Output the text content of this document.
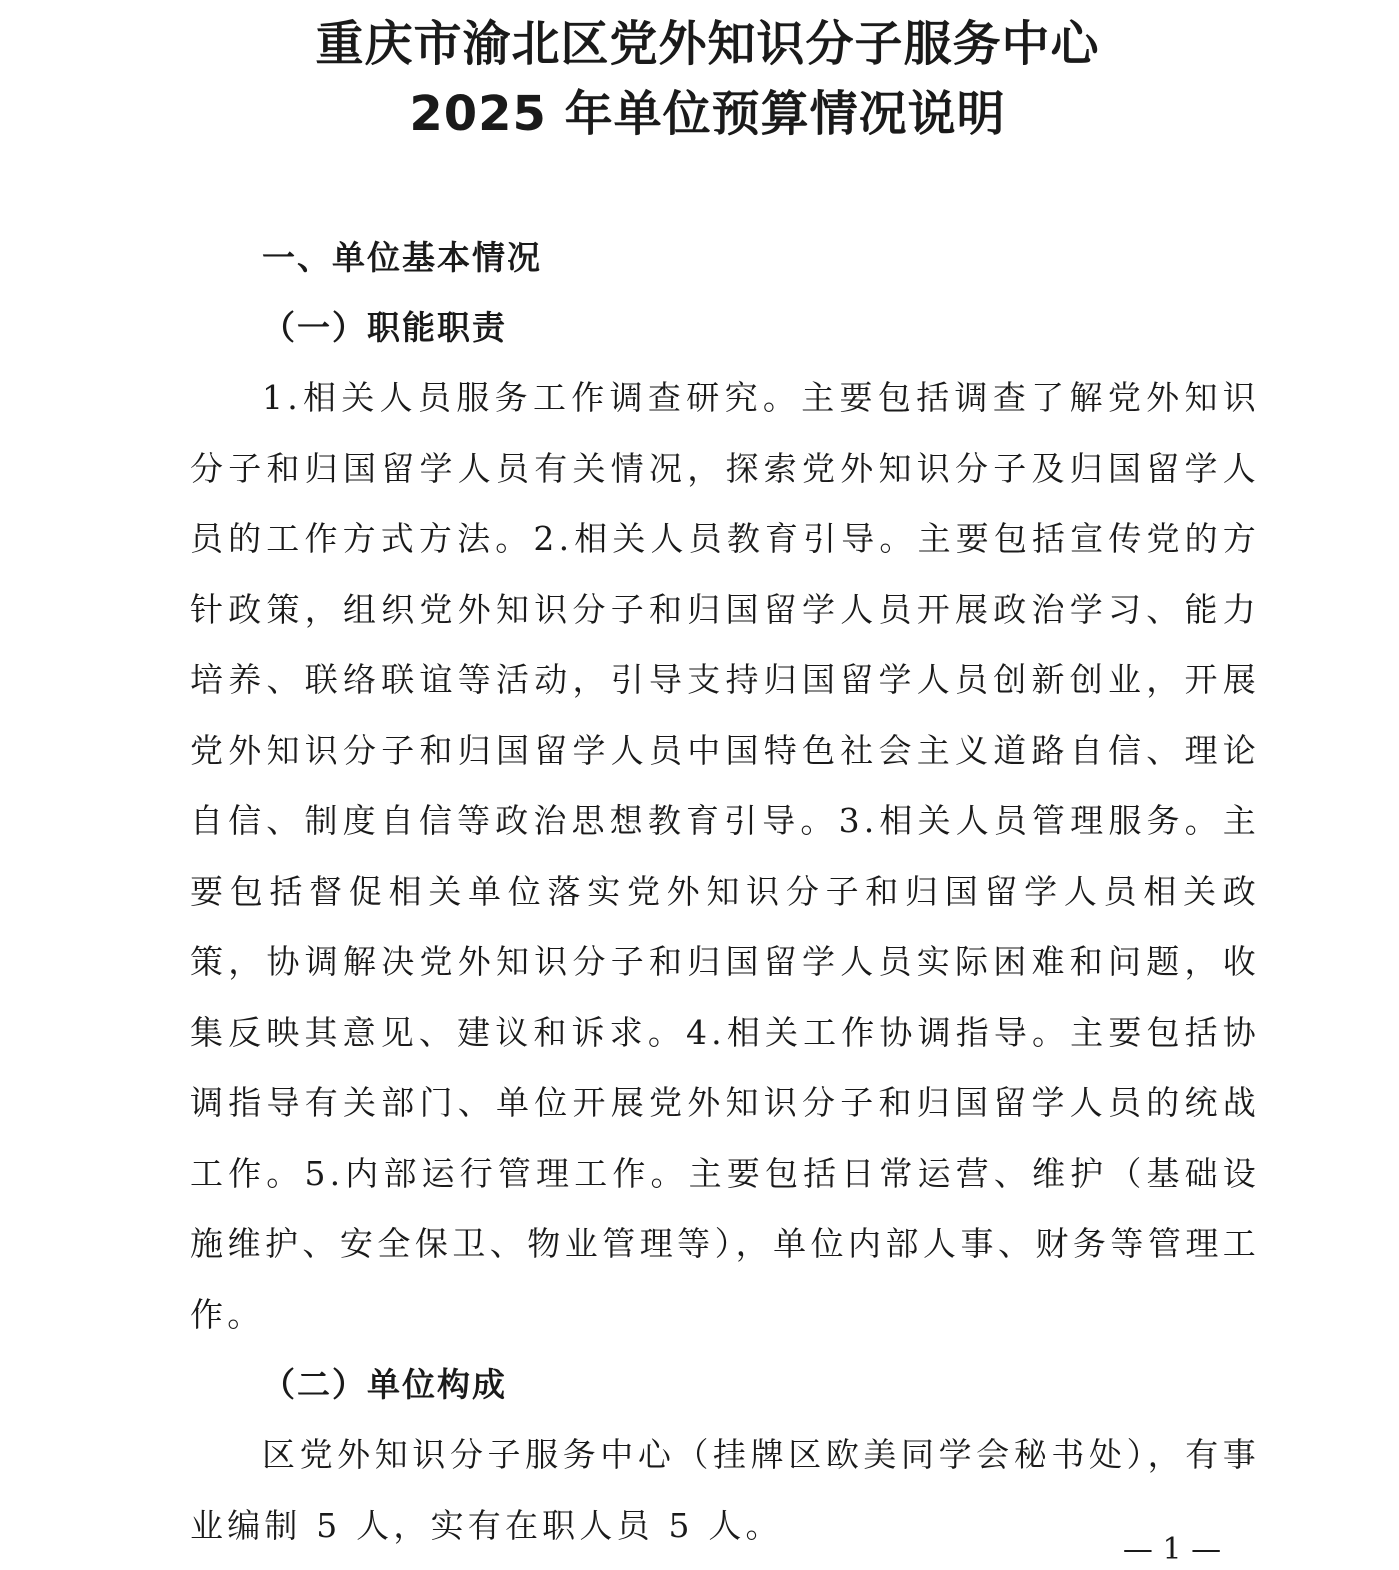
重庆市渝北区党外知识分子服务中心
2025 年单位预算情况说明
一、单位基本情况
（一）职能职责

1.相关人员服务工作调查研究。主要包括调查了解党外知识分子和归国留学人员有关情况，探索党外知识分子及归国留学人员的工作方式方法。2.相关人员教育引导。主要包括宣传党的方针政策，组织党外知识分子和归国留学人员开展政治学习、能力培养、联络联谊等活动，引导支持归国留学人员创新创业，开展党外知识分子和归国留学人员中国特色社会主义道路自信、理论自信、制度自信等政治思想教育引导。3.相关人员管理服务。主要包括督促相关单位落实党外知识分子和归国留学人员相关政策，协调解决党外知识分子和归国留学人员实际困难和问题，收集反映其意见、建议和诉求。4.相关工作协调指导。主要包括协调指导有关部门、单位开展党外知识分子和归国留学人员的统战工作。5.内部运行管理工作。主要包括日常运营、维护（基础设施维护、安全保卫、物业管理等），单位内部人事、财务等管理工作。

（二）单位构成

区党外知识分子服务中心（挂牌区欧美同学会秘书处），有事业编制 5 人，实有在职人员 5 人。

— 1 —
